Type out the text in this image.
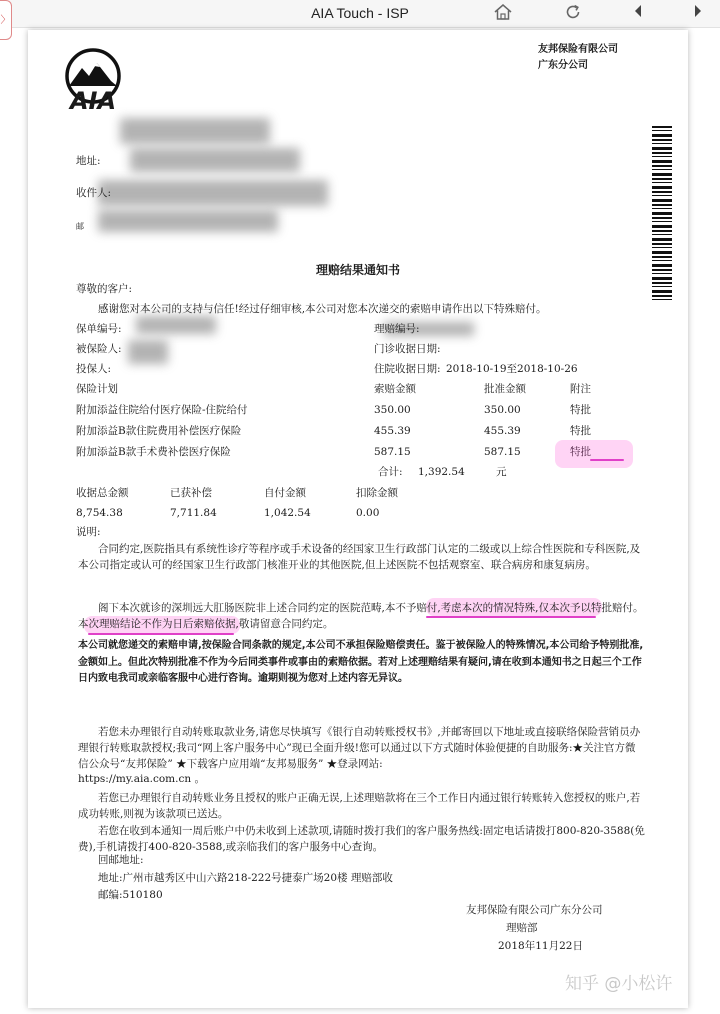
〉	AIA Touch - ISP
AIA
友邦保险有限公司
广东分公司
地址:
收件人:
邮
理赔结果通知书
尊敬的客户:
感谢您对本公司的支持与信任!经过仔细审核,本公司对您本次递交的索赔申请作出以下特殊赔付。
保单编号:	理赔编号:
被保险人:	门诊收据日期:
投保人:	住院收据日期: 2018-10-19至2018-10-26
保险计划	索赔金额	批准金额	附注
附加添益住院给付医疗保险-住院给付	350.00	350.00	特批
附加添益B款住院费用补偿医疗保险	455.39	455.39	特批
附加添益B款手术费补偿医疗保险	587.15	587.15	特批
合计: 1,392.54	元
收据总金额	已获补偿	自付金额	扣除金额
8,754.38	7,711.84	1,042.54	0.00
说明:
合同约定,医院指具有系统性诊疗等程序或手术设备的经国家卫生行政部门认定的二级或以上综合性医院和专科医院,及本公司指定或认可的经国家卫生行政部门核准开业的其他医院,但上述医院不包括观察室、联合病房和康复病房。
阁下本次就诊的深圳远大肛肠医院非上述合同约定的医院范畴,本不予赔付,考虑本次的情况特殊,仅本次予以特批赔付。本次理赔结论不作为日后索赔依据,敬请留意合同约定。
本公司就您递交的索赔申请,按保险合同条款的规定,本公司不承担保险赔偿责任。鉴于被保险人的特殊情况,本公司给予特别批准,金额如上。但此次特别批准不作为今后同类事件或事由的索赔依据。若对上述理赔结果有疑问,请在收到本通知书之日起三个工作日内致电我司或亲临客服中心进行咨询。逾期则视为您对上述内容无异议。
若您未办理银行自动转账取款业务,请您尽快填写《银行自动转账授权书》,并邮寄回以下地址或直接联络保险营销员办理银行转账取款授权;我司“网上客户服务中心”现已全面升级!您可以通过以下方式随时体验便捷的自助服务:★关注官方微信公众号“友邦保险” ★下载客户应用端“友邦易服务” ★登录网站:
https://my.aia.com.cn 。
若您已办理银行自动转账业务且授权的账户正确无误,上述理赔款将在三个工作日内通过银行转账转入您授权的账户,若成功转账,则视为该款项已送达。
若您在收到本通知一周后账户中仍未收到上述款项,请随时拨打我们的客户服务热线:固定电话请拨打800-820-3588(免费),手机请拨打400-820-3588,或亲临我们的客户服务中心查询。
回邮地址:
地址:广州市越秀区中山六路218-222号捷泰广场20楼 理赔部收
邮编:510180
友邦保险有限公司广东分公司
理赔部
2018年11月22日
知乎 @小松许
